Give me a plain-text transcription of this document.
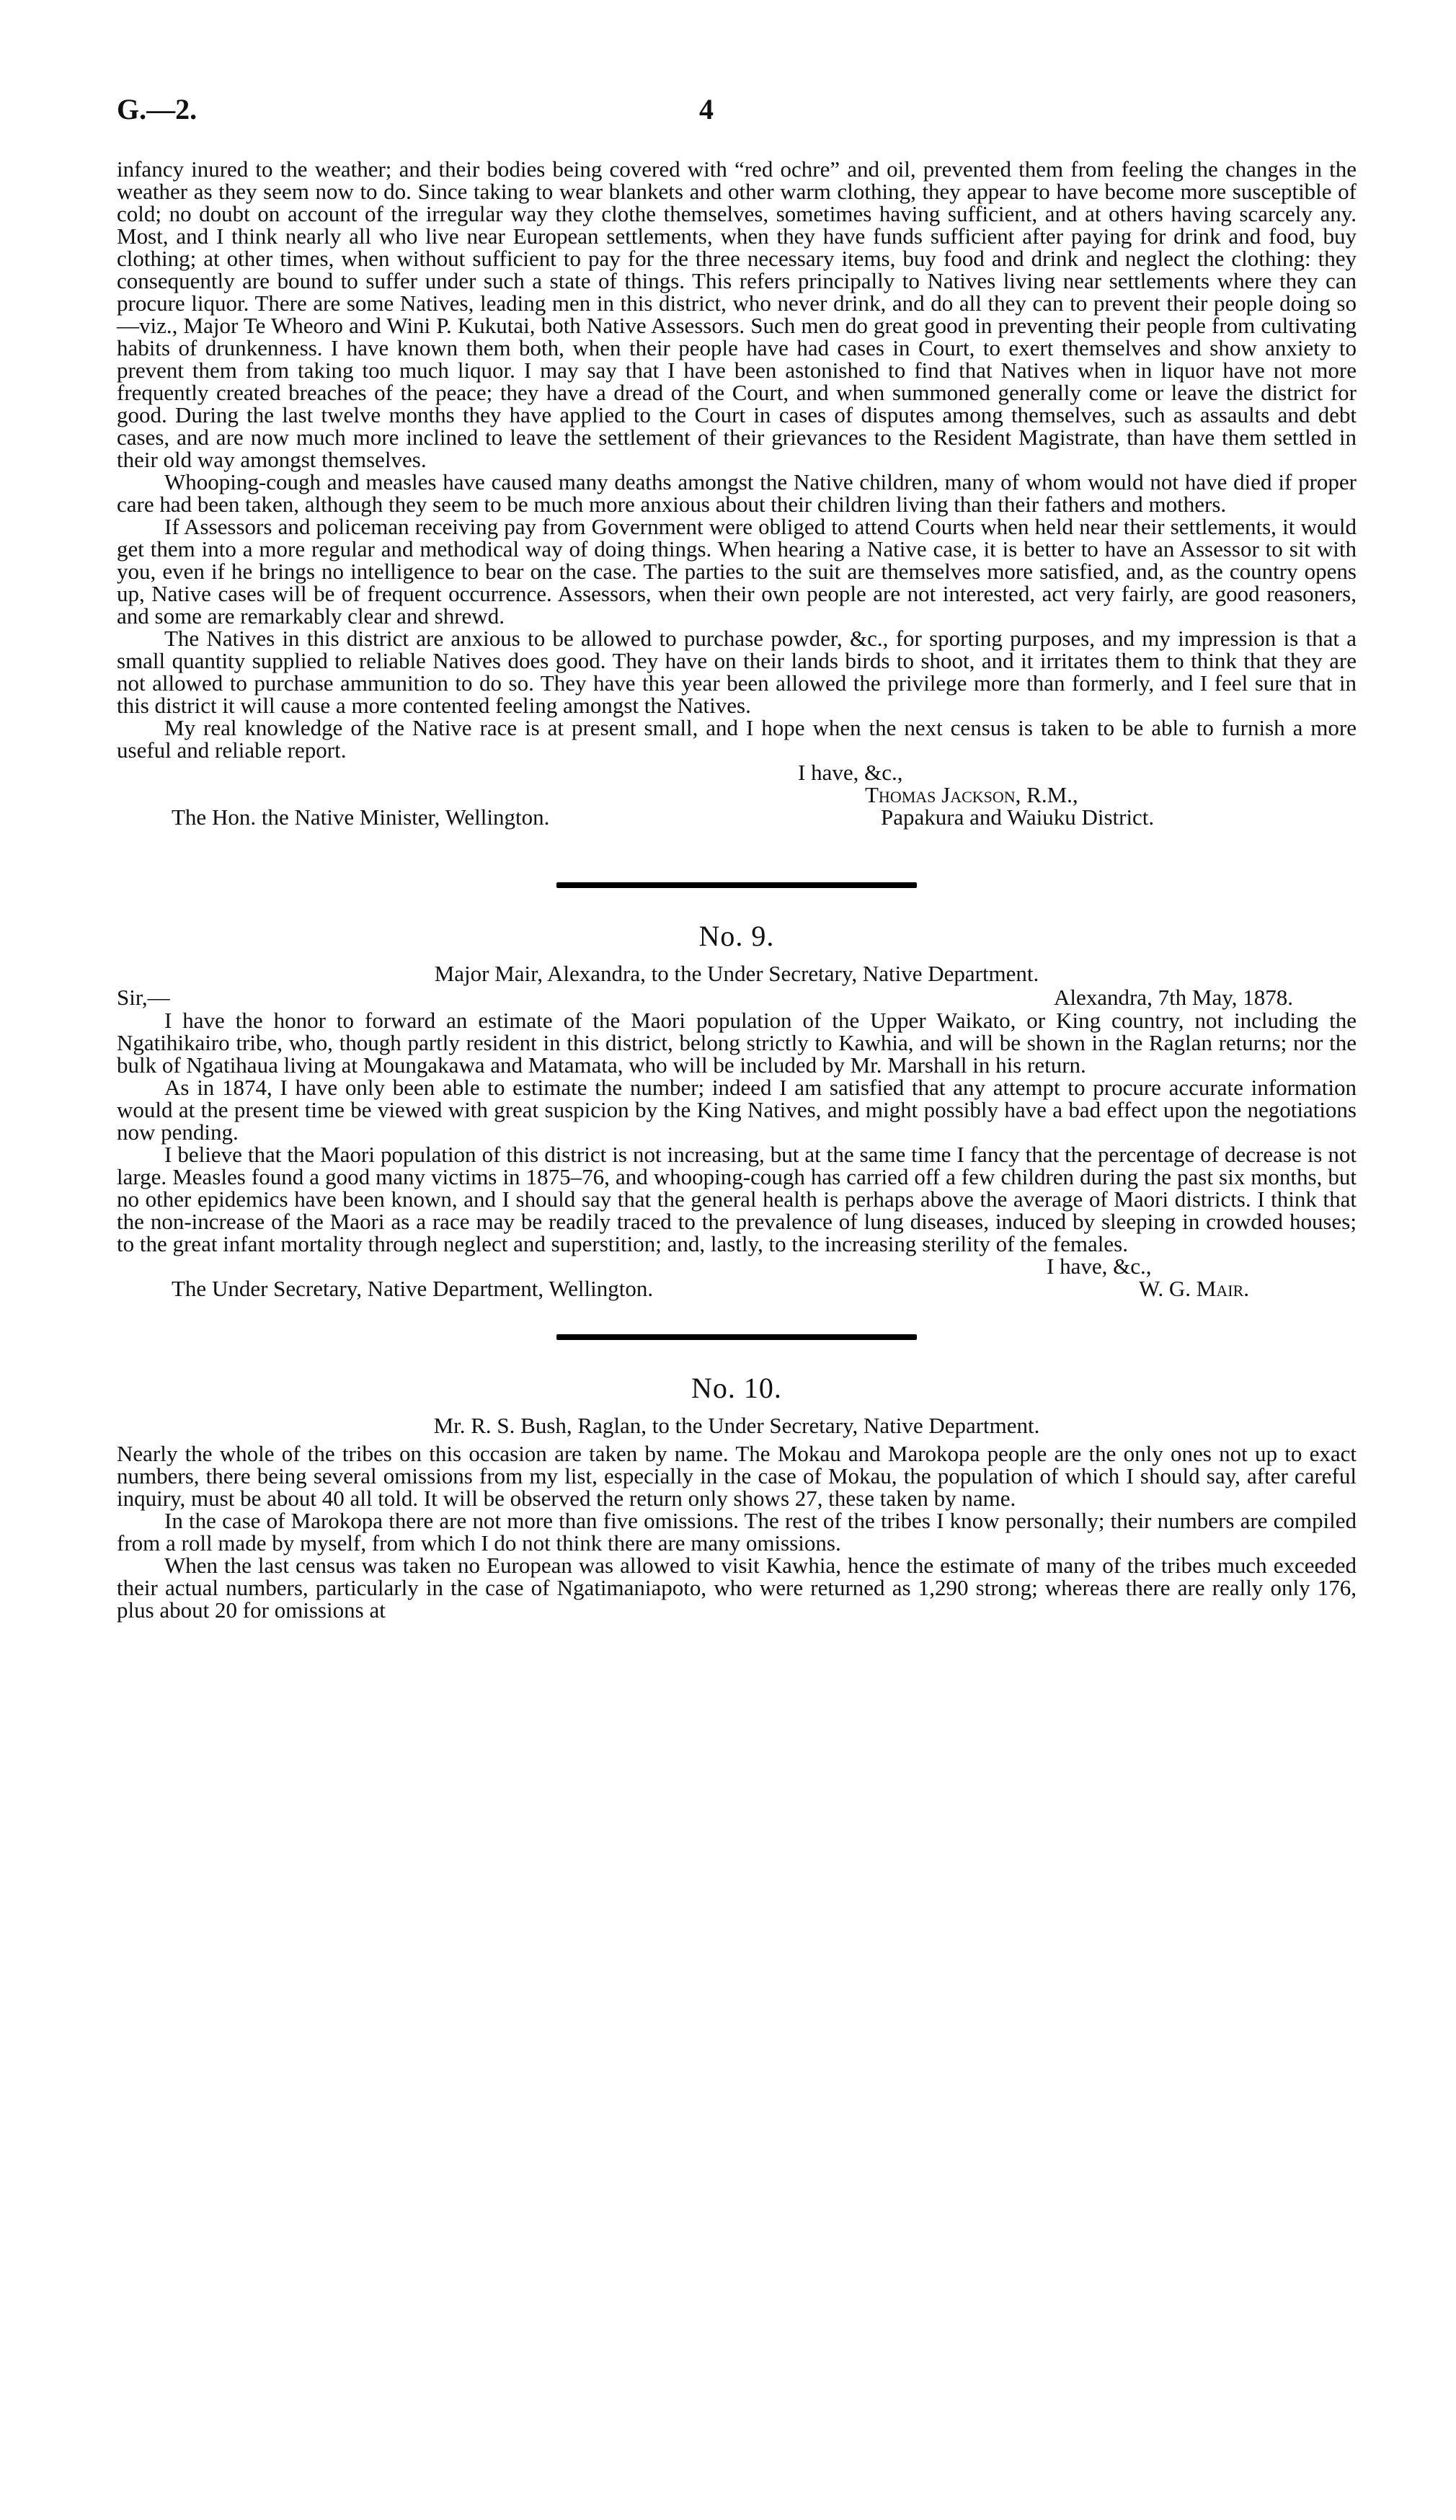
G.—2.	4

infancy inured to the weather; and their bodies being covered with “red ochre” and oil, prevented them from feeling the changes in the weather as they seem now to do. Since taking to wear blankets and other warm clothing, they appear to have become more susceptible of cold; no doubt on account of the irregular way they clothe themselves, sometimes having sufficient, and at others having scarcely any. Most, and I think nearly all who live near European settlements, when they have funds sufficient after paying for drink and food, buy clothing; at other times, when without sufficient to pay for the three necessary items, buy food and drink and neglect the clothing: they consequently are bound to suffer under such a state of things. This refers principally to Natives living near settlements where they can procure liquor. There are some Natives, leading men in this district, who never drink, and do all they can to prevent their people doing so—viz., Major Te Wheoro and Wini P. Kukutai, both Native Assessors. Such men do great good in preventing their people from cultivating habits of drunkenness. I have known them both, when their people have had cases in Court, to exert themselves and show anxiety to prevent them from taking too much liquor. I may say that I have been astonished to find that Natives when in liquor have not more frequently created breaches of the peace; they have a dread of the Court, and when summoned generally come or leave the district for good. During the last twelve months they have applied to the Court in cases of disputes among themselves, such as assaults and debt cases, and are now much more inclined to leave the settlement of their grievances to the Resident Magistrate, than have them settled in their old way amongst themselves.

Whooping-cough and measles have caused many deaths amongst the Native children, many of whom would not have died if proper care had been taken, although they seem to be much more anxious about their children living than their fathers and mothers.

If Assessors and policeman receiving pay from Government were obliged to attend Courts when held near their settlements, it would get them into a more regular and methodical way of doing things. When hearing a Native case, it is better to have an Assessor to sit with you, even if he brings no intelligence to bear on the case. The parties to the suit are themselves more satisfied, and, as the country opens up, Native cases will be of frequent occurrence. Assessors, when their own people are not interested, act very fairly, are good reasoners, and some are remarkably clear and shrewd.

The Natives in this district are anxious to be allowed to purchase powder, &c., for sporting purposes, and my impression is that a small quantity supplied to reliable Natives does good. They have on their lands birds to shoot, and it irritates them to think that they are not allowed to purchase ammunition to do so. They have this year been allowed the privilege more than formerly, and I feel sure that in this district it will cause a more contented feeling amongst the Natives.

My real knowledge of the Native race is at present small, and I hope when the next census is taken to be able to furnish a more useful and reliable report.

I have, &c.,
Thomas Jackson, R.M.,
The Hon. the Native Minister, Wellington.	Papakura and Waiuku District.
No. 9.
Major Mair, Alexandra, to the Under Secretary, Native Department.
Sir,—	Alexandra, 7th May, 1878.

I have the honor to forward an estimate of the Maori population of the Upper Waikato, or King country, not including the Ngatihikairo tribe, who, though partly resident in this district, belong strictly to Kawhia, and will be shown in the Raglan returns; nor the bulk of Ngatihaua living at Moungakawa and Matamata, who will be included by Mr. Marshall in his return.

As in 1874, I have only been able to estimate the number; indeed I am satisfied that any attempt to procure accurate information would at the present time be viewed with great suspicion by the King Natives, and might possibly have a bad effect upon the negotiations now pending.

I believe that the Maori population of this district is not increasing, but at the same time I fancy that the percentage of decrease is not large. Measles found a good many victims in 1875–76, and whooping-cough has carried off a few children during the past six months, but no other epidemics have been known, and I should say that the general health is perhaps above the average of Maori districts. I think that the non-increase of the Maori as a race may be readily traced to the prevalence of lung diseases, induced by sleeping in crowded houses; to the great infant mortality through neglect and superstition; and, lastly, to the increasing sterility of the females.

I have, &c.,
The Under Secretary, Native Department, Wellington.	W. G. Mair.
No. 10.
Mr. R. S. Bush, Raglan, to the Under Secretary, Native Department.

Nearly the whole of the tribes on this occasion are taken by name. The Mokau and Marokopa people are the only ones not up to exact numbers, there being several omissions from my list, especially in the case of Mokau, the population of which I should say, after careful inquiry, must be about 40 all told. It will be observed the return only shows 27, these taken by name.

In the case of Marokopa there are not more than five omissions. The rest of the tribes I know personally; their numbers are compiled from a roll made by myself, from which I do not think there are many omissions.

When the last census was taken no European was allowed to visit Kawhia, hence the estimate of many of the tribes much exceeded their actual numbers, particularly in the case of Ngatimaniapoto, who were returned as 1,290 strong; whereas there are really only 176, plus about 20 for omissions at
